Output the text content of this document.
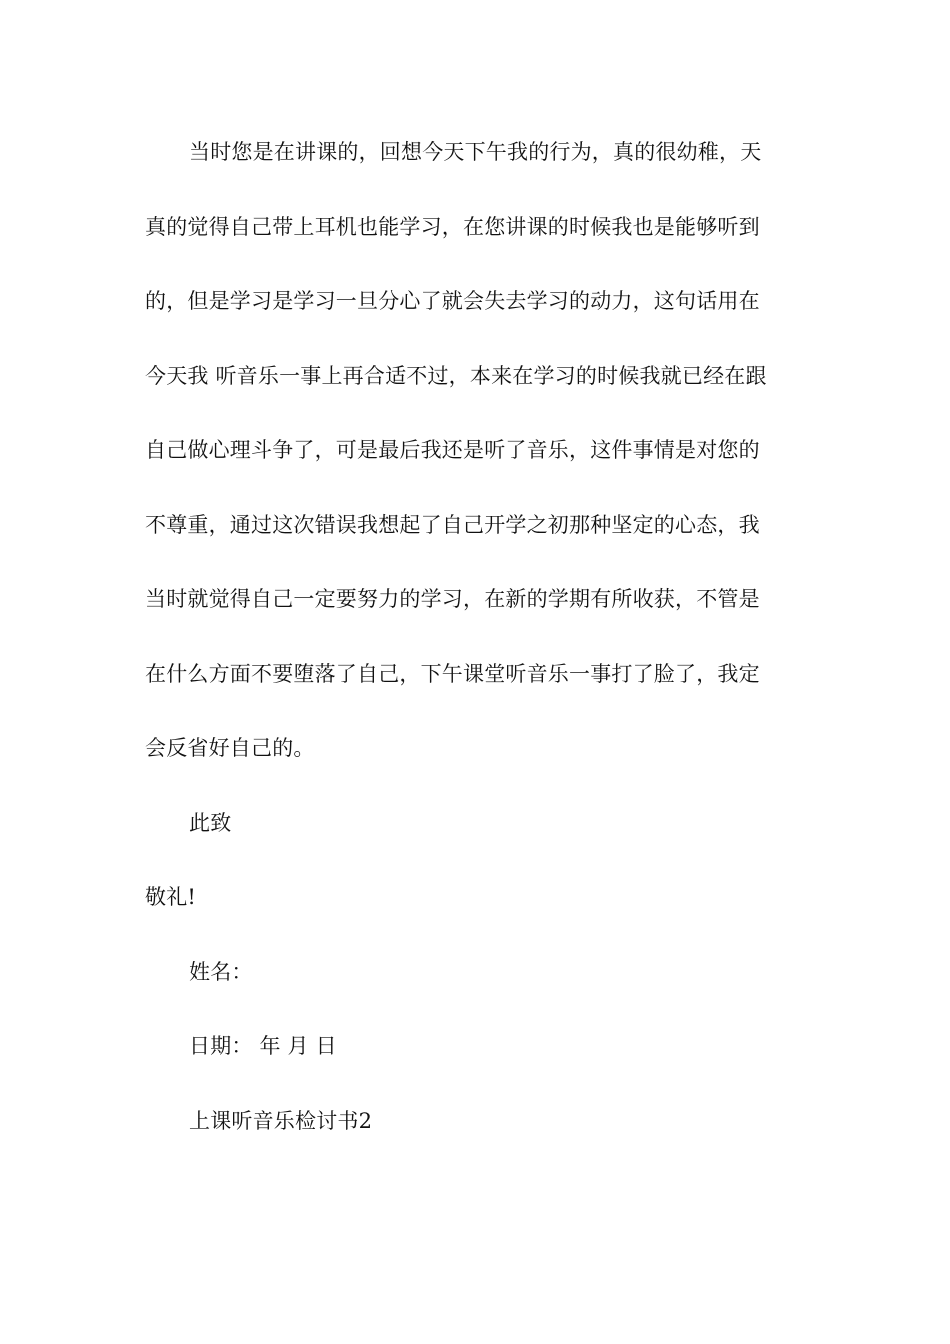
当时您是在讲课的，回想今天下午我的行为，真的很幼稚，天
真的觉得自己带上耳机也能学习，在您讲课的时候我也是能够听到
的，但是学习是学习一旦分心了就会失去学习的动力，这句话用在
今天我 听音乐一事上再合适不过，本来在学习的时候我就已经在跟
自己做心理斗争了，可是最后我还是听了音乐，这件事情是对您的
不尊重，通过这次错误我想起了自己开学之初那种坚定的心态，我
当时就觉得自己一定要努力的学习，在新的学期有所收获，不管是
在什么方面不要堕落了自己，下午课堂听音乐一事打了脸了，我定
会反省好自己的。
此致
敬礼!
姓名：
日期： 年 月 日
上课听音乐检讨书2
